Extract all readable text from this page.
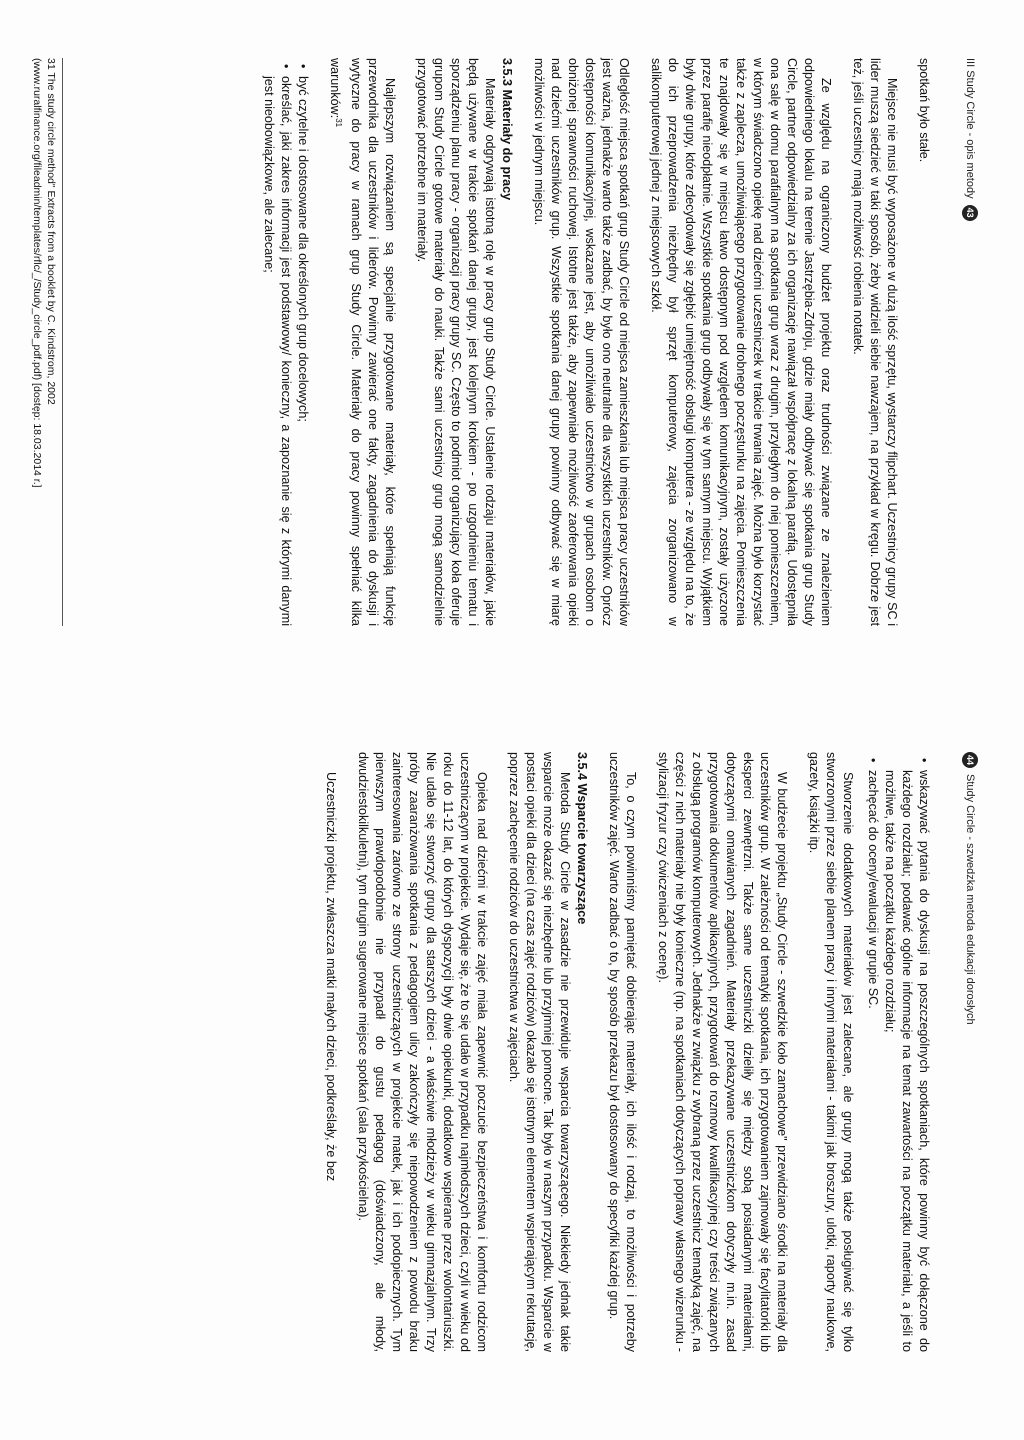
III Study Circle - opis metody
43

spotkań było stałe.

Miejsce nie musi być wyposażone w dużą ilość sprzętu, wystarczy flipchart. Uczestnicy grupy SC i lider muszą siedzieć w taki sposób, żeby widzieli siebie nawzajem, na przykład w kręgu. Dobrze jest też, jeśli uczestnicy mają możliwość robienia notatek.

Ze względu na ograniczony budżet projektu oraz trudności związane ze znalezieniem odpowiedniego lokalu na terenie Jastrzębia-Zdroju, gdzie miały odbywać się spotkania grup Study Circle, partner odpowiedzialny za ich organizację nawiązał współpracę z lokalną parafią. Udostępniła ona salę w domu parafialnym na spotkania grup wraz z drugim, przyległym do niej pomieszczeniem, w którym świadczono opiekę nad dziećmi uczestniczek w trakcie trwania zajęć. Można było korzystać także z zaplecza, umożliwiającego przygotowanie drobnego poczęstunku na zajęcia. Pomieszczenia te znajdowały się w miejscu łatwo dostępnym pod względem komunikacyjnym, zostały użyczone przez parafię nieodpłatnie. Wszystkie spotkania grup odbywały się w tym samym miejscu. Wyjątkiem były dwie grupy, które zdecydowały się zgłębić umiejętność obsługi komputera - ze względu na to, że do ich przeprowadzenia niezbędny był sprzęt komputerowy, zajęcia zorganizowano w salikomputerowej jednej z miejscowych szkół.

Odległość miejsca spotkań grup Study Circle od miejsca zamieszkania lub miejsca pracy uczestników jest ważna, jednakże warto także zadbać, by było ono neutralne dla wszystkich uczestników. Oprócz dostępności komunikacyjnej, wskazane jest, aby umożliwiało uczestnictwo w grupach osobom o obniżonej sprawności ruchowej. Istotne jest także, aby zapewniało możliwość zaoferowania opieki nad dziećmi uczestników grup. Wszystkie spotkania danej grupy powinny odbywać się w miarę możliwości w jednym miejscu.

3.5.3 Materiały do pracy

Materiały odgrywają istotną rolę w pracy grup Study Circle. Ustalenie rodzaju materiałów, jakie będą używane w trakcie spotkań danej grupy, jest kolejnym krokiem - po uzgodnieniu tematu i sporządzeniu planu pracy - organizacji pracy grupy SC. Często to podmiot organizujący koła oferuje grupom Study Circle gotowe materiały do nauki. Także sami uczestnicy grup mogą samodzielnie przygotować potrzebne im materiały.

Najlepszym rozwiązaniem są specjalnie przygotowane materiały, które spełniają funkcję przewodnika dla uczestników i liderów. Powinny zawierać one fakty, zagadnienia do dyskusji i wytyczne do pracy w ramach grup Study Circle. Materiały do pracy powinny spełniać kilka warunków:$^{31}$

• być czytelne i dostosowane dla określonych grup docelowych;
• określać, jaki zakres informacji jest podstawowy/ konieczny, a zapoznanie się z którymi danymi jest nieobowiązkowe, ale zalecane;
31 The study circle method" Extracts from a booklet by C. Kindstrom, 2002 (www.ruralfinance.org/fileadmin/templates/rflc/_/Study_circle_pdf.pdf) [dostęp: 18.03.2014 r.]
44
Study Circle - szwedzka metoda edukacji dorosłych
• wskazywać pytania do dyskusji na poszczególnych spotkaniach, które powinny być dołączone do każdego rozdziału; podawać ogólne informacje na temat zawartości na początku materiału, a jeśli to możliwe, także na początku każdego rozdziału;
• zachęcać do oceny/ewaluacji w grupie SC.

Stworzenie dodatkowych materiałów jest zalecane, ale grupy mogą także posługiwać się tylko stworzonymi przez siebie planem pracy i innymi materiałami - takimi jak broszury, ulotki, raporty naukowe, gazety, książki itp.

W budżecie projektu „Study Circle - szwedzkie koło zamachowe" przewidziano środki na materiały dla uczestników grup. W zależności od tematyki spotkania, ich przygotowaniem zajmowały się facylitatorki lub eksperci zewnętrzni. Także same uczestniczki dzieliły się między sobą posiadanymi materiałami, dotyczącymi omawianych zagadnień. Materiały przekazywane uczestniczkom dotyczyły m.in. zasad przygotowania dokumentów aplikacyjnych, przygotowań do rozmowy kwalifikacyjnej czy treści związanych z obsługą programów komputerowych. Jednakże w związku z wybraną przez uczestnicz tematyką zajęć, na części z nich materiały nie były konieczne (np. na spotkaniach dotyczących poprawy własnego wizerunku - stylizacji fryzur czy ćwiczeniach z ocenę).

To, o czym powinniśmy pamiętać dobierając materiały, ich ilość i rodzaj, to możliwości i potrzeby uczestników zajęć. Warto zadbać o to, by sposób przekazu był dostosowany do specyfiki każdej grup.

3.5.4 Wsparcie towarzyszące

Metoda Study Circle w zasadzie nie przewiduje wsparcia towarzyszącego. Niekiedy jednak takie wsparcie może okazać się niezbędne lub przyjmniej pomocne. Tak było w naszym przypadku. Wsparcie w postaci opieki dla dzieci (na czas zajęć rodziców) okazało się istotnym elementem wspierającym rekrutację, poprzez zachęcenie rodziców do uczestnictwa w zajęciach.

Opieka nad dziećmi w trakcie zajęć miała zapewnić poczucie bezpieczeństwa i komfortu rodzicom uczestniczącym w projekcie. Wydaje się, że to się udało w przypadku najmłodszych dzieci, czyli w wieku od roku do 11-12 lat, do których dyspozycji były dwie opiekunki, dodatkowo wspierane przez wolontariuszki. Nie udało się stworzyć grupy dla starszych dzieci - a właściwie młodzieży w wieku gimnazjalnym. Trzy próby zaaranżowania spotkania z pedagogiem ulicy zakończyły się niepowodzeniem z powodu braku zainteresowania zarówno ze strony uczestniczących w projekcie matek, jak i ich podopiecznych. Tym pierwszym prawdopodobnie nie przypadł do gustu pedagog (doświadczony, ale młody, dwudziestokilkuletni), tym drugim sugerowane miejsce spotkań (sala przykościelna).

Uczestniczki projektu, zwłaszcza matki małych dzieci, podkreślały, że bez
